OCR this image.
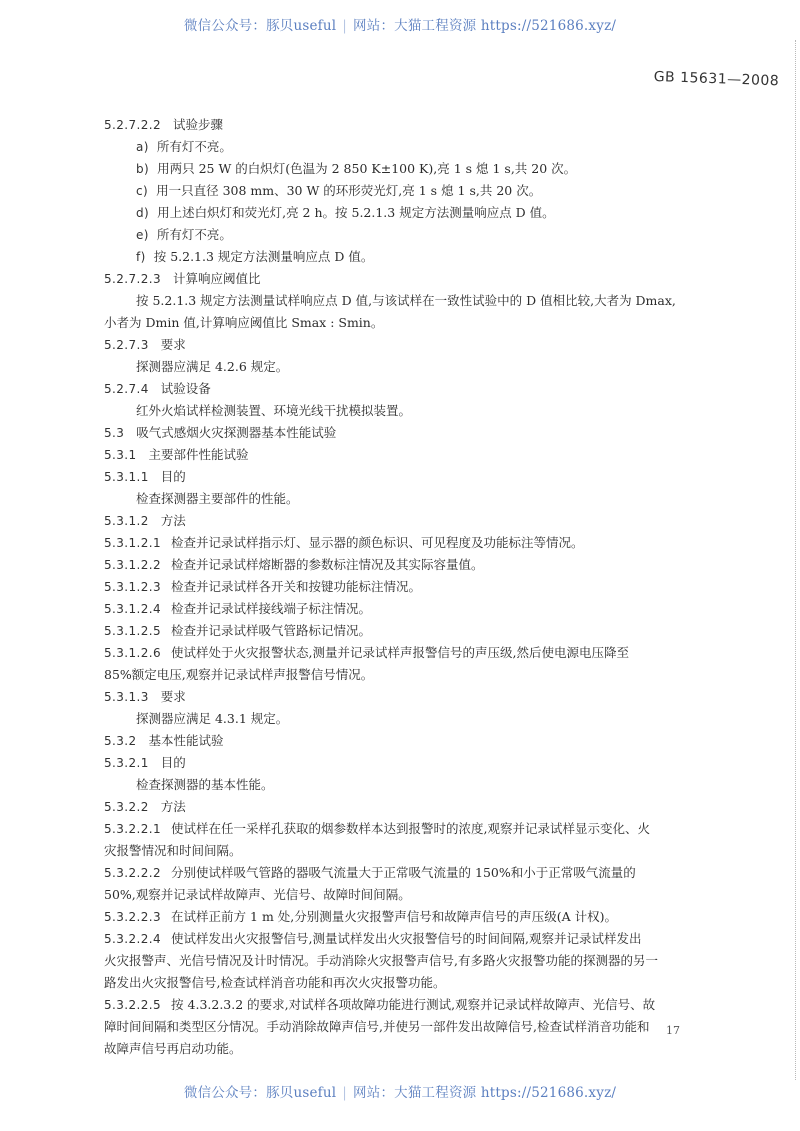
微信公众号：豚贝useful | 网站：大猫工程资源 https://521686.xyz/
GB 15631—2008
5.2.7.2.2 试验步骤
a) 所有灯不亮。
b) 用两只 25 W 的白炽灯(色温为 2 850 K±100 K),亮 1 s 熄 1 s,共 20 次。
c) 用一只直径 308 mm、30 W 的环形荧光灯,亮 1 s 熄 1 s,共 20 次。
d) 用上述白炽灯和荧光灯,亮 2 h。按 5.2.1.3 规定方法测量响应点 D 值。
e) 所有灯不亮。
f) 按 5.2.1.3 规定方法测量响应点 D 值。
5.2.7.2.3 计算响应阈值比
按 5.2.1.3 规定方法测量试样响应点 D 值,与该试样在一致性试验中的 D 值相比较,大者为 Dmax,
小者为 Dmin 值,计算响应阈值比 Smax : Smin。
5.2.7.3 要求
探测器应满足 4.2.6 规定。
5.2.7.4 试验设备
红外火焰试样检测装置、环境光线干扰模拟装置。
5.3 吸气式感烟火灾探测器基本性能试验
5.3.1 主要部件性能试验
5.3.1.1 目的
检查探测器主要部件的性能。
5.3.1.2 方法
5.3.1.2.1 检查并记录试样指示灯、显示器的颜色标识、可见程度及功能标注等情况。
5.3.1.2.2 检查并记录试样熔断器的参数标注情况及其实际容量值。
5.3.1.2.3 检查并记录试样各开关和按键功能标注情况。
5.3.1.2.4 检查并记录试样接线端子标注情况。
5.3.1.2.5 检查并记录试样吸气管路标记情况。
5.3.1.2.6 使试样处于火灾报警状态,测量并记录试样声报警信号的声压级,然后使电源电压降至
85%额定电压,观察并记录试样声报警信号情况。
5.3.1.3 要求
探测器应满足 4.3.1 规定。
5.3.2 基本性能试验
5.3.2.1 目的
检查探测器的基本性能。
5.3.2.2 方法
5.3.2.2.1 使试样在任一采样孔获取的烟参数样本达到报警时的浓度,观察并记录试样显示变化、火
灾报警情况和时间间隔。
5.3.2.2.2 分别使试样吸气管路的器吸气流量大于正常吸气流量的 150%和小于正常吸气流量的
50%,观察并记录试样故障声、光信号、故障时间间隔。
5.3.2.2.3 在试样正前方 1 m 处,分别测量火灾报警声信号和故障声信号的声压级(A 计权)。
5.3.2.2.4 使试样发出火灾报警信号,测量试样发出火灾报警信号的时间间隔,观察并记录试样发出
火灾报警声、光信号情况及计时情况。手动消除火灾报警声信号,有多路火灾报警功能的探测器的另一
路发出火灾报警信号,检查试样消音功能和再次火灾报警功能。
5.3.2.2.5 按 4.3.2.3.2 的要求,对试样各项故障功能进行测试,观察并记录试样故障声、光信号、故
障时间间隔和类型区分情况。手动消除故障声信号,并使另一部件发出故障信号,检查试样消音功能和
故障声信号再启动功能。
17
微信公众号：豚贝useful | 网站：大猫工程资源 https://521686.xyz/
